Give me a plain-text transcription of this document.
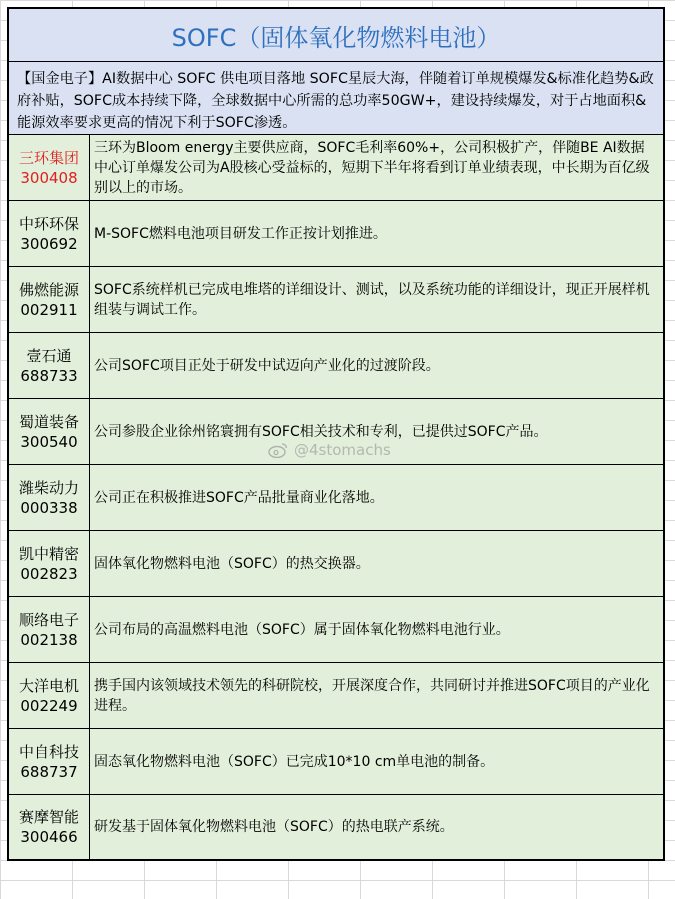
SOFC（固体氧化物燃料电池）
【国金电子】AI数据中心 SOFC 供电项目落地 SOFC星辰大海，伴随着订单规模爆发&标准化趋势&政府补贴，SOFC成本持续下降，全球数据中心所需的总功率50GW+，建设持续爆发，对于占地面积&能源效率要求更高的情况下利于SOFC渗透。
三环集团
300408
三环为Bloom energy主要供应商，SOFC毛利率60%+，公司积极扩产，伴随BE AI数据中心订单爆发公司为A股核心受益标的，短期下半年将看到订单业绩表现，中长期为百亿级别以上的市场。
中环环保
300692
M-SOFC燃料电池项目研发工作正按计划推进。
佛燃能源
002911
SOFC系统样机已完成电堆塔的详细设计、测试，以及系统功能的详细设计，现正开展样机组装与调试工作。
壹石通
688733
公司SOFC项目正处于研发中试迈向产业化的过渡阶段。
蜀道装备
300540
公司参股企业徐州铭寰拥有SOFC相关技术和专利，已提供过SOFC产品。
潍柴动力
000338
公司正在积极推进SOFC产品批量商业化落地。
凯中精密
002823
固体氧化物燃料电池（SOFC）的热交换器。
顺络电子
002138
公司布局的高温燃料电池（SOFC）属于固体氧化物燃料电池行业。
大洋电机
002249
携手国内该领域技术领先的科研院校，开展深度合作，共同研讨并推进SOFC项目的产业化进程。
中自科技
688737
固态氧化物燃料电池（SOFC）已完成10*10 cm单电池的制备。
赛摩智能
300466
研发基于固体氧化物燃料电池（SOFC）的热电联产系统。
@4stomachs
